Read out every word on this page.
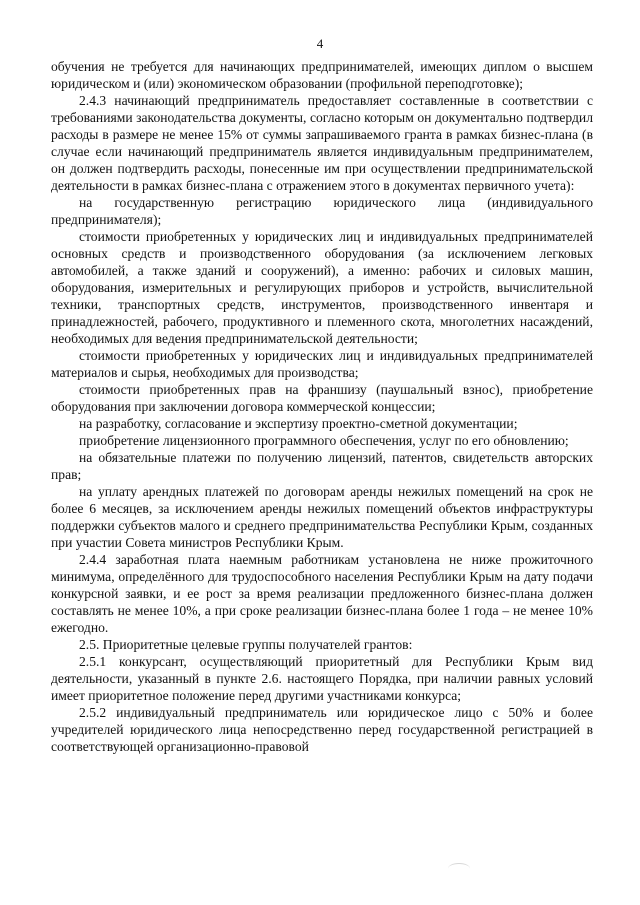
4

обучения не требуется для начинающих предпринимателей, имеющих диплом о высшем юридическом и (или) экономическом образовании (профильной переподготовке);

2.4.3 начинающий предприниматель предоставляет составленные в соответствии с требованиями законодательства документы, согласно которым он документально подтвердил расходы в размере не менее 15% от суммы запрашиваемого гранта в рамках бизнес-плана (в случае если начинающий предприниматель является индивидуальным предпринимателем, он должен подтвердить расходы, понесенные им при осуществлении предпринимательской деятельности в рамках бизнес-плана с отражением этого в документах первичного учета):

на государственную регистрацию юридического лица (индивидуального предпринимателя);

стоимости приобретенных у юридических лиц и индивидуальных предпринимателей основных средств и производственного оборудования (за исключением легковых автомобилей, а также зданий и сооружений), а именно: рабочих и силовых машин, оборудования, измерительных и регулирующих приборов и устройств, вычислительной техники, транспортных средств, инструментов, производственного инвентаря и принадлежностей, рабочего, продуктивного и племенного скота, многолетних насаждений, необходимых для ведения предпринимательской деятельности;

стоимости приобретенных у юридических лиц и индивидуальных предпринимателей материалов и сырья, необходимых для производства;

стоимости приобретенных прав на франшизу (паушальный взнос), приобретение оборудования при заключении договора коммерческой концессии;

на разработку, согласование и экспертизу проектно-сметной документации;

приобретение лицензионного программного обеспечения, услуг по его обновлению;

на обязательные платежи по получению лицензий, патентов, свидетельств авторских прав;

на уплату арендных платежей по договорам аренды нежилых помещений на срок не более 6 месяцев, за исключением аренды нежилых помещений объектов инфраструктуры поддержки субъектов малого и среднего предпринимательства Республики Крым, созданных при участии Совета министров Республики Крым.

2.4.4 заработная плата наемным работникам установлена не ниже прожиточного минимума, определённого для трудоспособного населения Республики Крым на дату подачи конкурсной заявки, и ее рост за время реализации предложенного бизнес-плана должен составлять не менее 10%, а при сроке реализации бизнес-плана более 1 года – не менее 10% ежегодно.

2.5. Приоритетные целевые группы получателей грантов:

2.5.1 конкурсант, осуществляющий приоритетный для Республики Крым вид деятельности, указанный в пункте 2.6. настоящего Порядка, при наличии равных условий имеет приоритетное положение перед другими участниками конкурса;

2.5.2 индивидуальный предприниматель или юридическое лицо с 50% и более учредителей юридического лица непосредственно перед государственной регистрацией в соответствующей организационно-правовой
